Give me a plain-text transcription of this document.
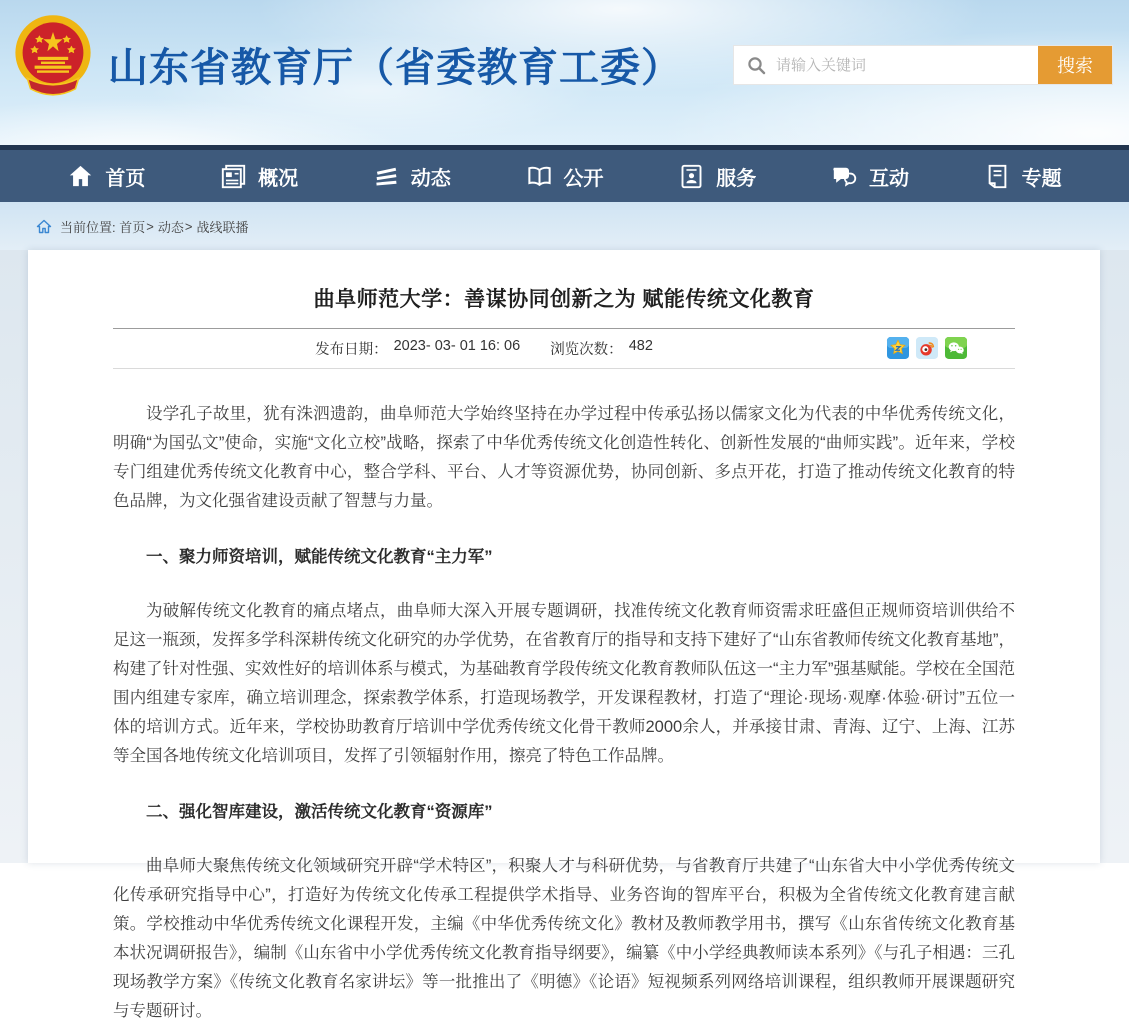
山东省教育厅（省委教育工委）
请输入关键词	搜索
首页	概况	动态	公开	服务	互动	专题
当前位置:
首页 > 动态 > 战线联播
曲阜师范大学：善谋协同创新之为 赋能传统文化教育
发布日期： 2023- 03- 01 16: 06 浏览次数： 482

设学孔子故里，犹有洙泗遗韵，曲阜师范大学始终坚持在办学过程中传承弘扬以儒家文化为代表的中华优秀传统文化，明确“为国弘文”使命，实施“文化立校”战略，探索了中华优秀传统文化创造性转化、创新性发展的“曲师实践”。近年来，学校专门组建优秀传统文化教育中心，整合学科、平台、人才等资源优势，协同创新、多点开花，打造了推动传统文化教育的特色品牌，为文化强省建设贡献了智慧与力量。

一、聚力师资培训，赋能传统文化教育“主力军”

为破解传统文化教育的痛点堵点，曲阜师大深入开展专题调研，找准传统文化教育师资需求旺盛但正规师资培训供给不足这一瓶颈，发挥多学科深耕传统文化研究的办学优势，在省教育厅的指导和支持下建好了“山东省教师传统文化教育基地”，构建了针对性强、实效性好的培训体系与模式，为基础教育学段传统文化教育教师队伍这一“主力军”强基赋能。学校在全国范围内组建专家库，确立培训理念，探索教学体系，打造现场教学，开发课程教材，打造了“理论·现场·观摩·体验·研讨”五位一体的培训方式。近年来，学校协助教育厅培训中学优秀传统文化骨干教师2000余人，并承接甘肃、青海、辽宁、上海、江苏等全国各地传统文化培训项目，发挥了引领辐射作用，擦亮了特色工作品牌。

二、强化智库建设，激活传统文化教育“资源库”

曲阜师大聚焦传统文化领域研究开辟“学术特区”，积聚人才与科研优势，与省教育厅共建了“山东省大中小学优秀传统文化传承研究指导中心”，打造好为传统文化传承工程提供学术指导、业务咨询的智库平台，积极为全省传统文化教育建言献策。学校推动中华优秀传统文化课程开发，主编《中华优秀传统文化》教材及教师教学用书，撰写《山东省传统文化教育基本状况调研报告》，编制《山东省中小学优秀传统文化教育指导纲要》，编纂《中小学经典教师读本系列》《与孔子相遇：三孔现场教学方案》《传统文化教育名家讲坛》等一批推出了《明德》《论语》短视频系列网络培训课程，组织教师开展课题研究与专题研讨。
